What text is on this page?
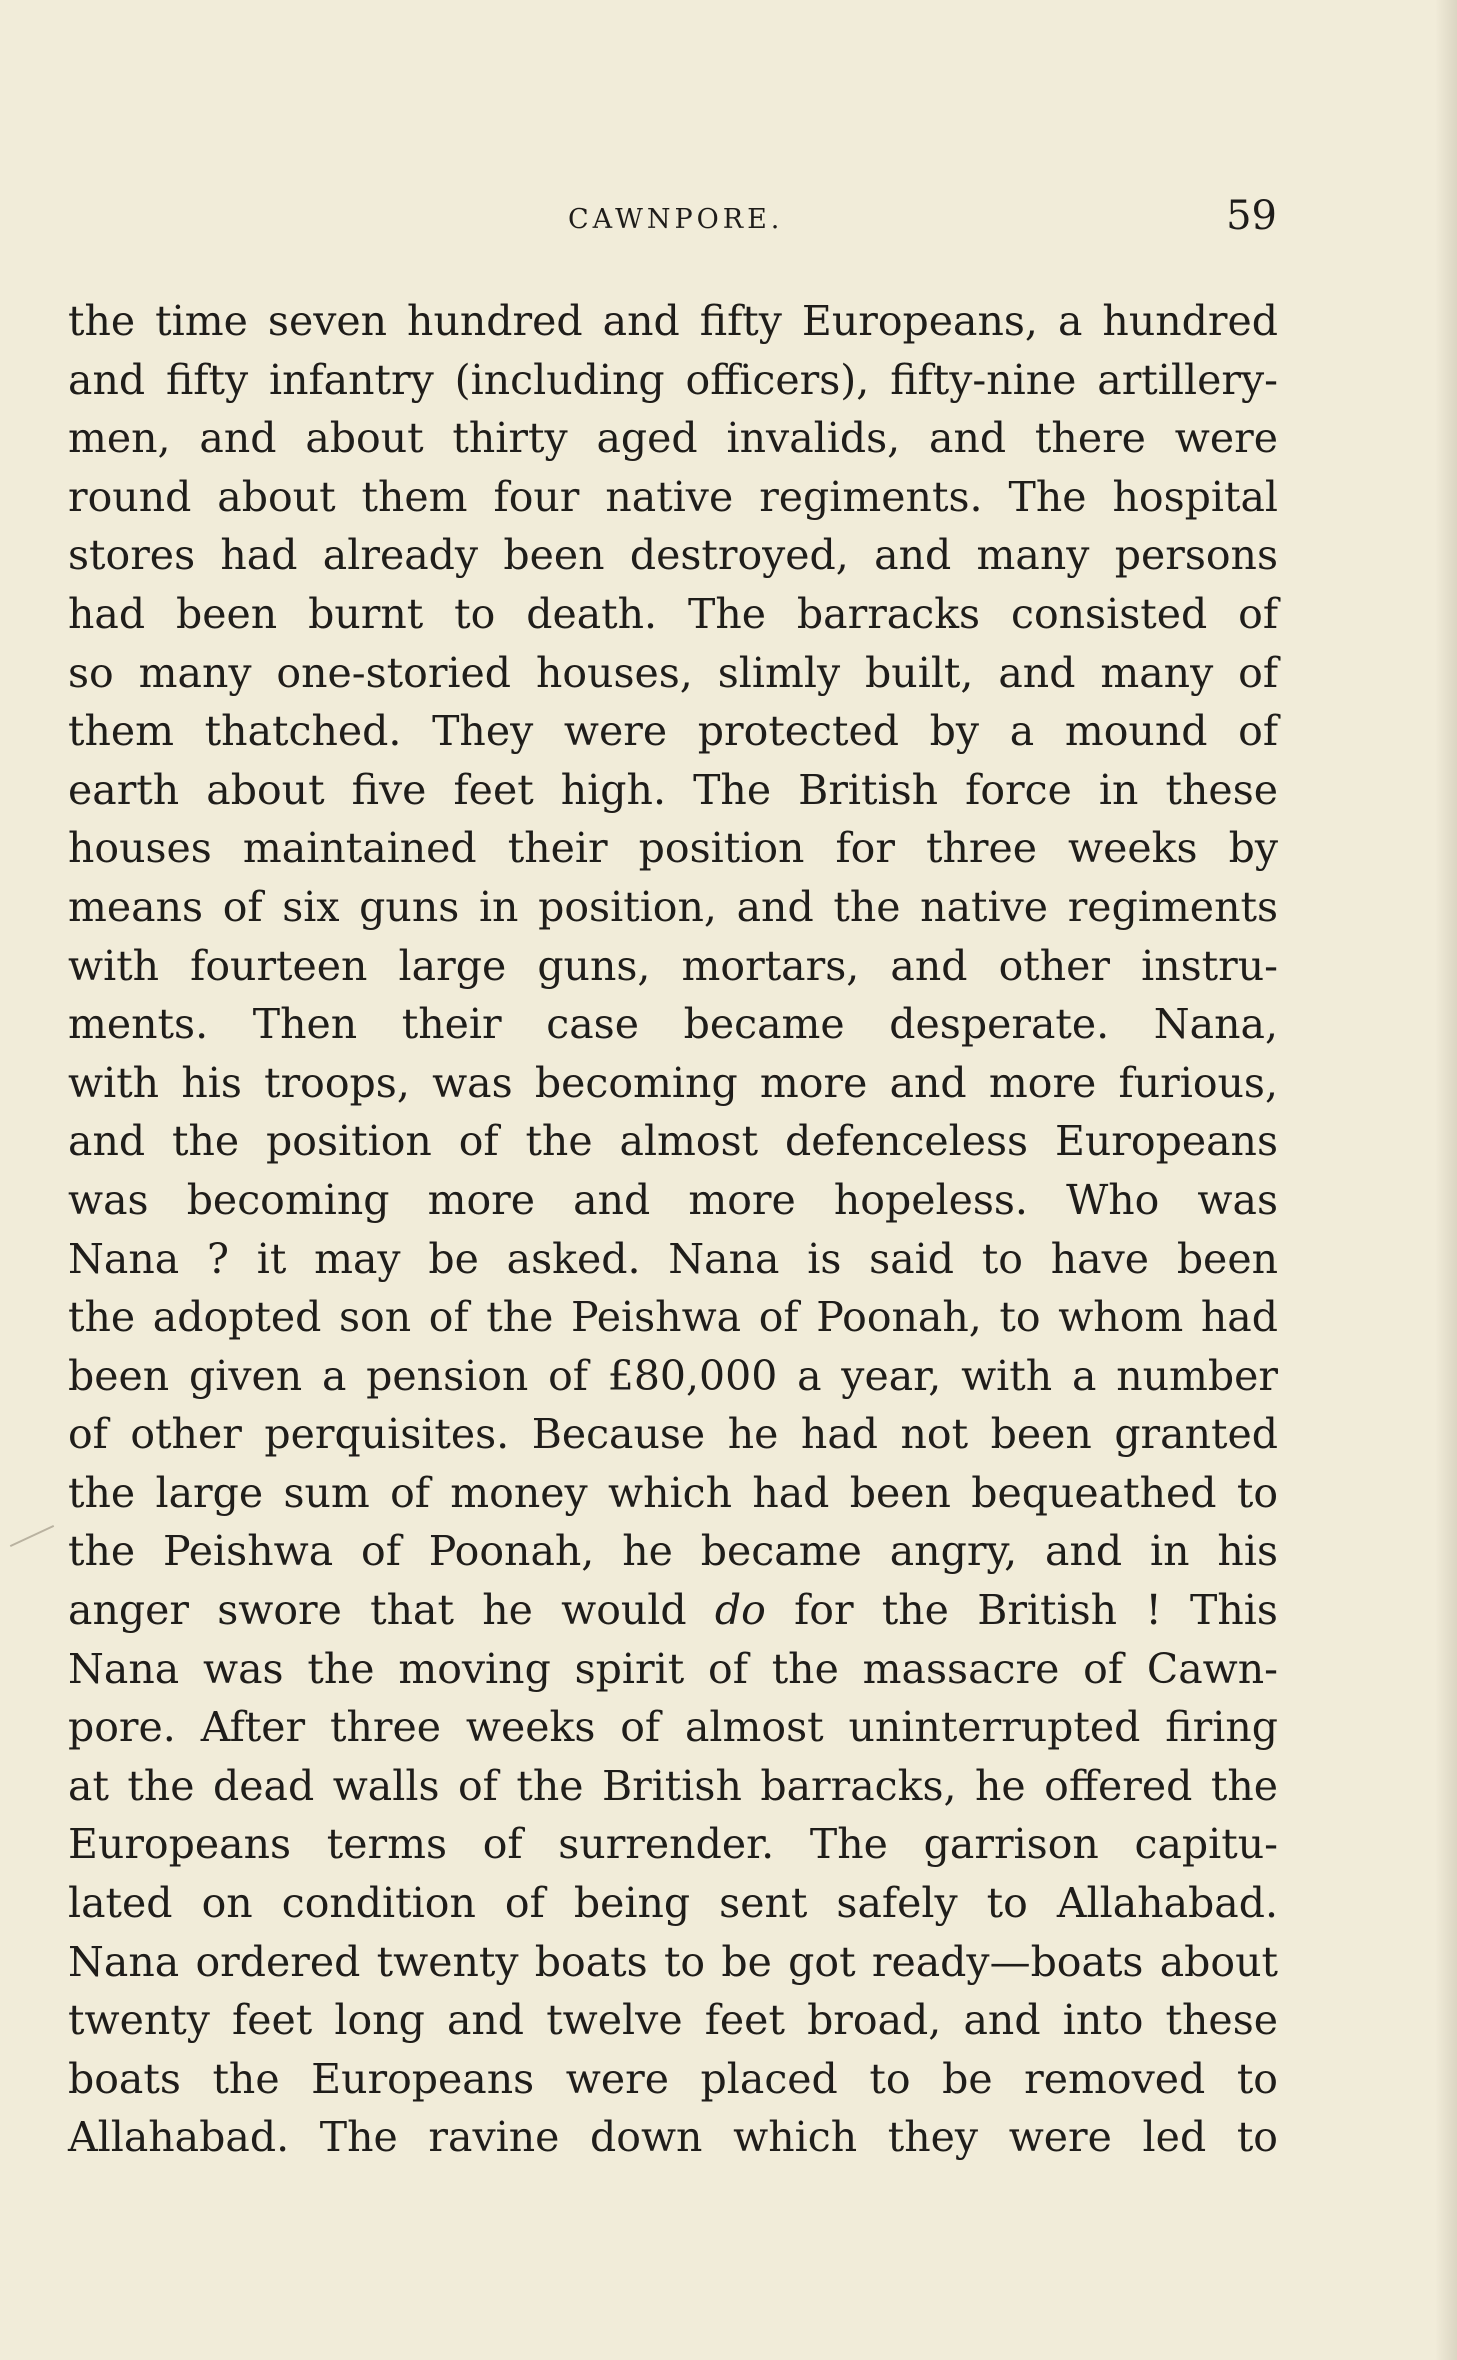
CAWNPORE.	59
the time seven hundred and fifty Europeans, a hundred
and fifty infantry (including officers), fifty-nine artillery-
men, and about thirty aged invalids, and there were
round about them four native regiments. The hospital
stores had already been destroyed, and many persons
had been burnt to death. The barracks consisted of
so many one-storied houses, slimly built, and many of
them thatched. They were protected by a mound of
earth about five feet high. The British force in these
houses maintained their position for three weeks by
means of six guns in position, and the native regiments
with fourteen large guns, mortars, and other instru-
ments. Then their case became desperate. Nana,
with his troops, was becoming more and more furious,
and the position of the almost defenceless Europeans
was becoming more and more hopeless. Who was
Nana ? it may be asked. Nana is said to have been
the adopted son of the Peishwa of Poonah, to whom had
been given a pension of £80,000 a year, with a number
of other perquisites. Because he had not been granted
the large sum of money which had been bequeathed to
the Peishwa of Poonah, he became angry, and in his
anger swore that he would do for the British ! This
Nana was the moving spirit of the massacre of Cawn-
pore. After three weeks of almost uninterrupted firing
at the dead walls of the British barracks, he offered the
Europeans terms of surrender. The garrison capitu-
lated on condition of being sent safely to Allahabad.
Nana ordered twenty boats to be got ready—boats about
twenty feet long and twelve feet broad, and into these
boats the Europeans were placed to be removed to
Allahabad. The ravine down which they were led to
